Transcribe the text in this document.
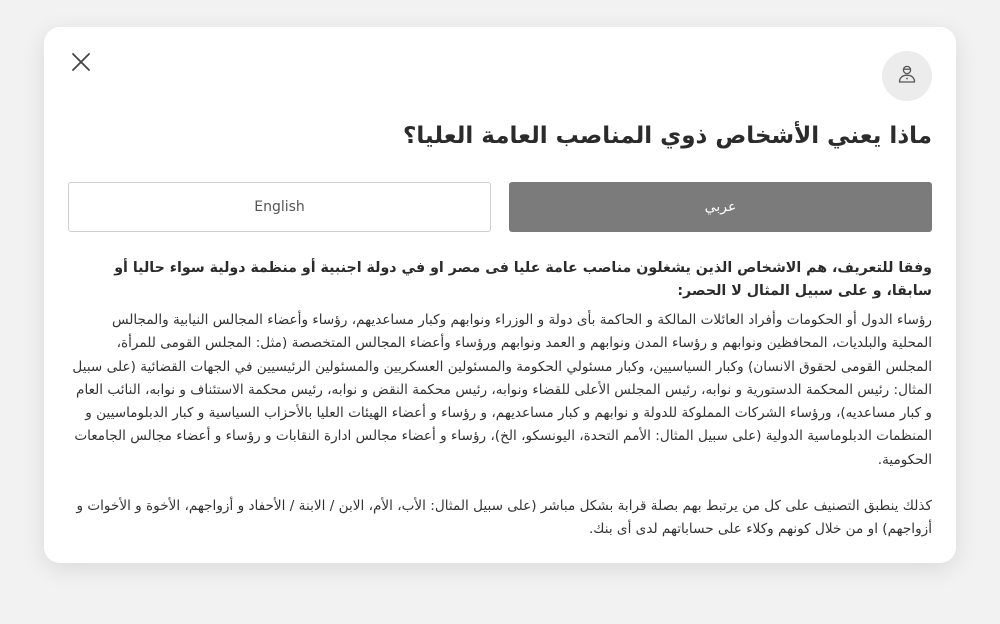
ماذا يعني الأشخاص ذوي المناصب العامة العليا؟
عربي
English

وفقا للتعريف، هم الاشخاص الذين يشغلون مناصب عامة عليا فى مصر او في دولة اجنبية أو منظمة دولية سواء حاليا أو سابقا، و على سبيل المثال لا الحصر:

رؤساء الدول أو الحكومات وأفراد العائلات المالكة و الحاكمة بأى دولة و الوزراء ونوابهم وكبار مساعديهم، رؤساء وأعضاء المجالس النيابية والمجالس المحلية والبلديات، المحافظين ونوابهم و رؤساء المدن ونوابهم و العمد ونوابهم ورؤساء وأعضاء المجالس المتخصصة (مثل: المجلس القومى للمرأة، المجلس القومى لحقوق الانسان) وكبار السياسيين، وكبار مسئولي الحكومة والمسئولين العسكريين والمسئولين الرئيسيين في الجهات القضائية (على سبيل المثال: رئيس المحكمة الدستورية و نوابه، رئيس المجلس الأعلى للقضاء ونوابه، رئيس محكمة النقض و نوابه، رئيس محكمة الاستئناف و نوابه، النائب العام و كبار مساعديه)، ورؤساء الشركات المملوكة للدولة و نوابهم و كبار مساعديهم، و رؤساء و أعضاء الهيئات العليا بالأحزاب السياسية و كبار الدبلوماسيين و المنظمات الدبلوماسية الدولية (على سبيل المثال: الأمم التحدة، اليونسكو، الخ)، رؤساء و أعضاء مجالس ادارة النقابات و رؤساء و أعضاء مجالس الجامعات الحكومية.

كذلك ينطبق التصنيف على كل من يرتبط بهم بصلة قرابة بشكل مباشر (على سبيل المثال: الأب، الأم، الابن / الابنة / الأحفاد و أزواجهم، الأخوة و الأخوات و أزواجهم) او من خلال كونهم وكلاء على حساباتهم لدى أى بنك.
